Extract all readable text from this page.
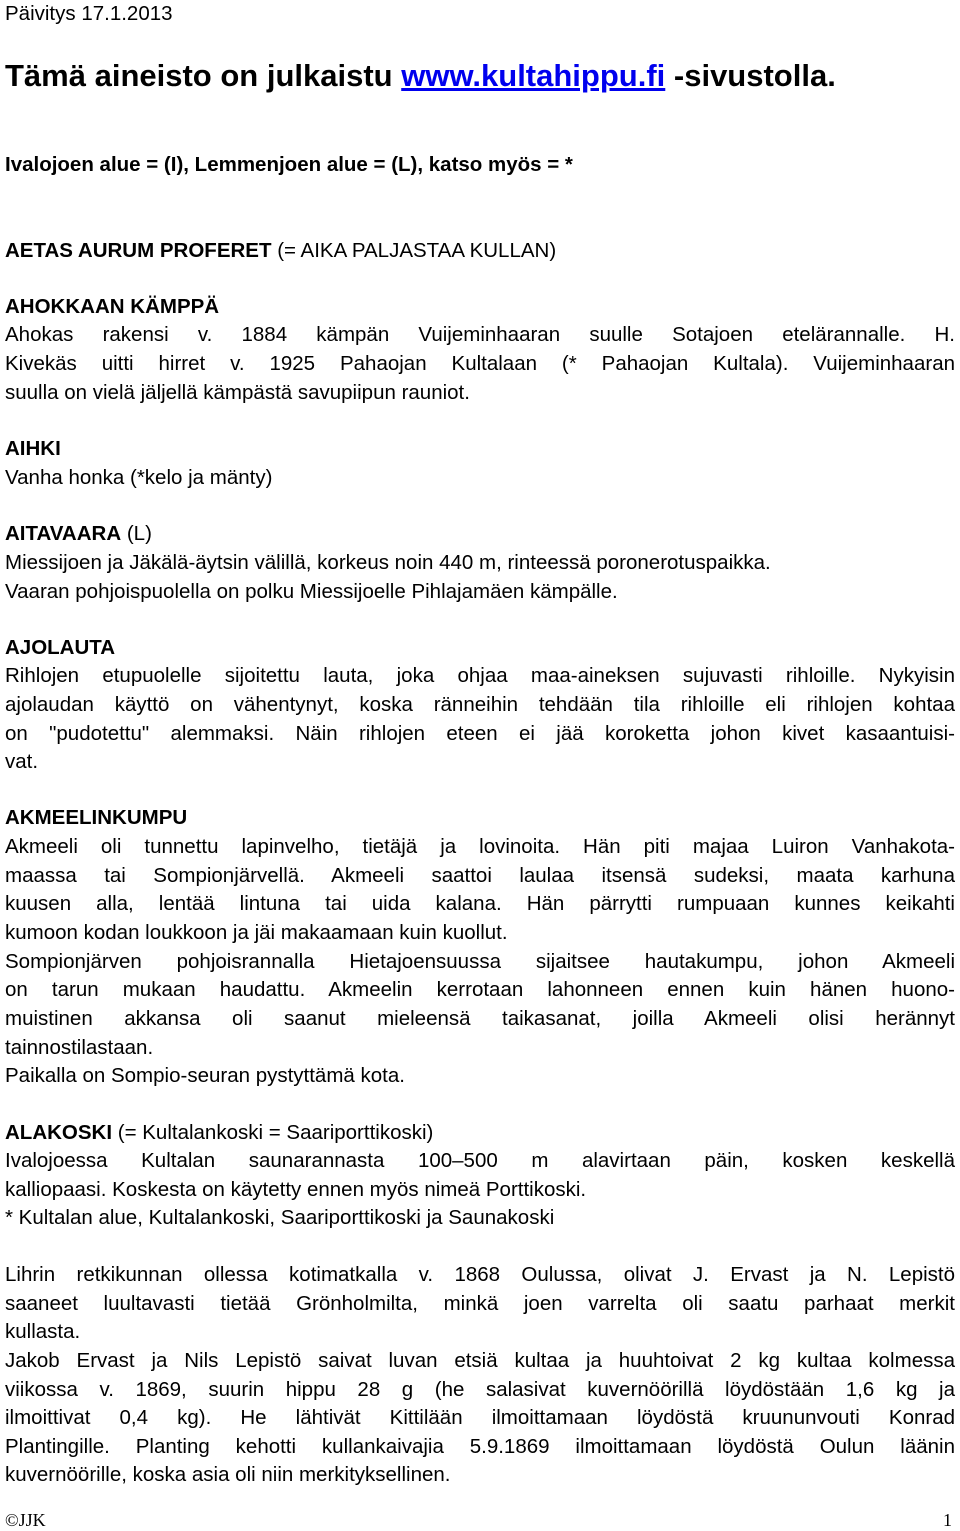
Päivitys 17.1.2013
Tämä aineisto on julkaistu www.kultahippu.fi -sivustolla.
Ivalojoen alue = (I), Lemmenjoen alue = (L), katso myös = *
AETAS AURUM PROFERET (= AIKA PALJASTAA KULLAN)
AHOKKAAN KÄMPPÄ
Ahokas rakensi v. 1884 kämpän Vuijeminhaaran suulle Sotajoen etelärannalle. H.
Kivekäs uitti hirret v. 1925 Pahaojan Kultalaan (* Pahaojan Kultala). Vuijeminhaaran
suulla on vielä jäljellä kämpästä savupiipun rauniot.
AIHKI
Vanha honka (*kelo ja mänty)
AITAVAARA (L)
Miessijoen ja Jäkälä-äytsin välillä, korkeus noin 440 m, rinteessä poronerotuspaikka.
Vaaran pohjoispuolella on polku Miessijoelle Pihlajamäen kämpälle.
AJOLAUTA
Rihlojen etupuolelle sijoitettu lauta, joka ohjaa maa-aineksen sujuvasti rihloille. Nykyisin
ajolaudan käyttö on vähentynyt, koska ränneihin tehdään tila rihloille eli rihlojen kohtaa
on "pudotettu" alemmaksi. Näin rihlojen eteen ei jää koroketta johon kivet kasaantuisi-
vat.
AKMEELINKUMPU
Akmeeli oli tunnettu lapinvelho, tietäjä ja lovinoita. Hän piti majaa Luiron Vanhakota-
maassa tai Sompionjärvellä. Akmeeli saattoi laulaa itsensä sudeksi, maata karhuna
kuusen alla, lentää lintuna tai uida kalana. Hän pärrytti rumpuaan kunnes keikahti
kumoon kodan loukkoon ja jäi makaamaan kuin kuollut.
Sompionjärven pohjoisrannalla Hietajoensuussa sijaitsee hautakumpu, johon Akmeeli
on tarun mukaan haudattu. Akmeelin kerrotaan lahonneen ennen kuin hänen huono-
muistinen akkansa oli saanut mieleensä taikasanat, joilla Akmeeli olisi herännyt
tainnostilastaan.
Paikalla on Sompio-seuran pystyttämä kota.
ALAKOSKI (= Kultalankoski = Saariporttikoski)
Ivalojoessa Kultalan saunarannasta 100–500 m alavirtaan päin, kosken keskellä
kalliopaasi. Koskesta on käytetty ennen myös nimeä Porttikoski.
* Kultalan alue, Kultalankoski, Saariporttikoski ja Saunakoski
Lihrin retkikunnan ollessa kotimatkalla v. 1868 Oulussa, olivat J. Ervast ja N. Lepistö
saaneet luultavasti tietää Grönholmilta, minkä joen varrelta oli saatu parhaat merkit
kullasta.
Jakob Ervast ja Nils Lepistö saivat luvan etsiä kultaa ja huuhtoivat 2 kg kultaa kolmessa
viikossa v. 1869, suurin hippu 28 g (he salasivat kuvernöörillä löydöstään 1,6 kg ja
ilmoittivat 0,4 kg). He lähtivät Kittilään ilmoittamaan löydöstä kruununvouti Konrad
Plantingille. Planting kehotti kullankaivajia 5.9.1869 ilmoittamaan löydöstä Oulun läänin
kuvernöörille, koska asia oli niin merkityksellinen.
©JJK	1
